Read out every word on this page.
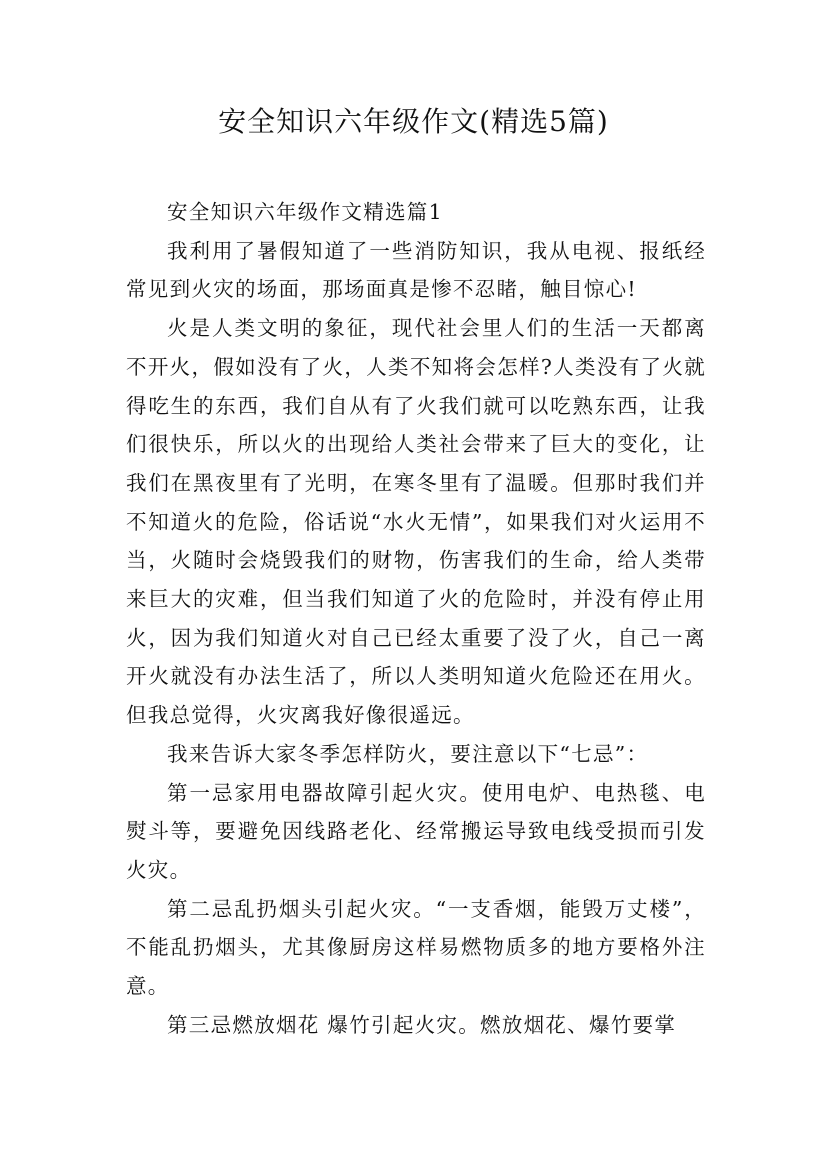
安全知识六年级作文(精选5篇)

安全知识六年级作文精选篇1

我利用了暑假知道了一些消防知识，我从电视、报纸经常见到火灾的场面，那场面真是惨不忍睹，触目惊心!

火是人类文明的象征，现代社会里人们的生活一天都离不开火，假如没有了火，人类不知将会怎样?人类没有了火就得吃生的东西，我们自从有了火我们就可以吃熟东西，让我们很快乐，所以火的出现给人类社会带来了巨大的变化，让我们在黑夜里有了光明，在寒冬里有了温暖。但那时我们并不知道火的危险，俗话说“水火无情”，如果我们对火运用不当，火随时会烧毁我们的财物，伤害我们的生命，给人类带来巨大的灾难，但当我们知道了火的危险时，并没有停止用火，因为我们知道火对自己已经太重要了没了火，自己一离开火就没有办法生活了，所以人类明知道火危险还在用火。但我总觉得，火灾离我好像很遥远。

我来告诉大家冬季怎样防火，要注意以下“七忌”：

第一忌家用电器故障引起火灾。使用电炉、电热毯、电熨斗等，要避免因线路老化、经常搬运导致电线受损而引发火灾。

第二忌乱扔烟头引起火灾。“一支香烟，能毁万丈楼”，不能乱扔烟头，尤其像厨房这样易燃物质多的地方要格外注意。

第三忌燃放烟花 爆竹引起火灾。燃放烟花、爆竹要掌
